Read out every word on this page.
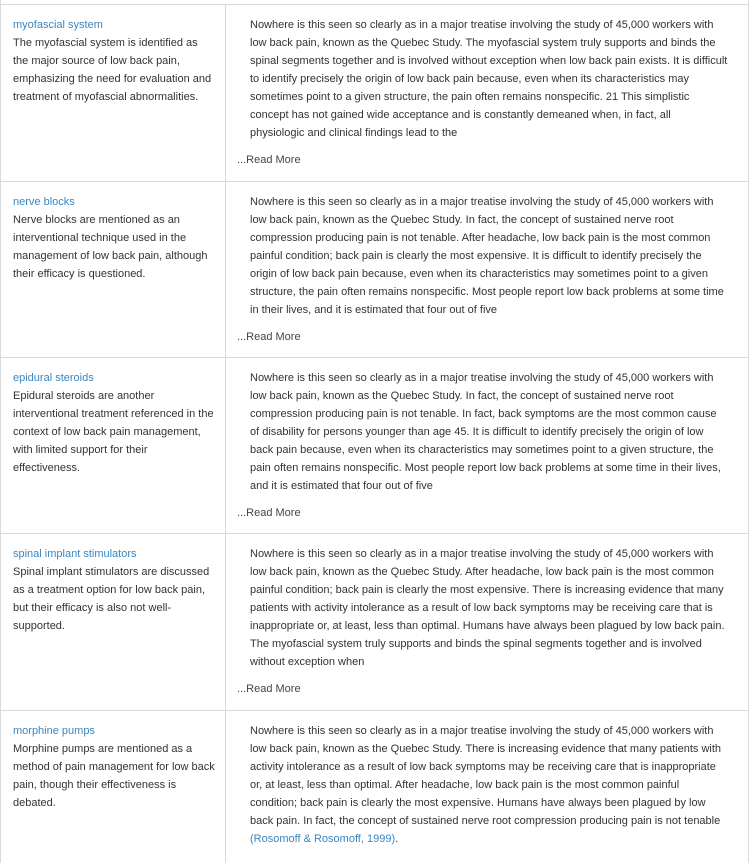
myofascial system
The myofascial system is identified as the major source of low back pain, emphasizing the need for evaluation and treatment of myofascial abnormalities.
Nowhere is this seen so clearly as in a major treatise involving the study of 45,000 workers with low back pain, known as the Quebec Study. The myofascial system truly supports and binds the spinal segments together and is involved without exception when low back pain exists. It is difficult to identify precisely the origin of low back pain because, even when its characteristics may sometimes point to a given structure, the pain often remains nonspecific. 21 This simplistic concept has not gained wide acceptance and is constantly demeaned when, in fact, all physiologic and clinical findings lead to the
...Read More
nerve blocks
Nerve blocks are mentioned as an interventional technique used in the management of low back pain, although their efficacy is questioned.
Nowhere is this seen so clearly as in a major treatise involving the study of 45,000 workers with low back pain, known as the Quebec Study. In fact, the concept of sustained nerve root compression producing pain is not tenable. After headache, low back pain is the most common painful condition; back pain is clearly the most expensive. It is difficult to identify precisely the origin of low back pain because, even when its characteristics may sometimes point to a given structure, the pain often remains nonspecific. Most people report low back problems at some time in their lives, and it is estimated that four out of five
...Read More
epidural steroids
Epidural steroids are another interventional treatment referenced in the context of low back pain management, with limited support for their effectiveness.
Nowhere is this seen so clearly as in a major treatise involving the study of 45,000 workers with low back pain, known as the Quebec Study. In fact, the concept of sustained nerve root compression producing pain is not tenable. In fact, back symptoms are the most common cause of disability for persons younger than age 45. It is difficult to identify precisely the origin of low back pain because, even when its characteristics may sometimes point to a given structure, the pain often remains nonspecific. Most people report low back problems at some time in their lives, and it is estimated that four out of five
...Read More
spinal implant stimulators
Spinal implant stimulators are discussed as a treatment option for low back pain, but their efficacy is also not well-supported.
Nowhere is this seen so clearly as in a major treatise involving the study of 45,000 workers with low back pain, known as the Quebec Study. After headache, low back pain is the most common painful condition; back pain is clearly the most expensive. There is increasing evidence that many patients with activity intolerance as a result of low back symptoms may be receiving care that is inappropriate or, at least, less than optimal. Humans have always been plagued by low back pain. The myofascial system truly supports and binds the spinal segments together and is involved without exception when
...Read More
morphine pumps
Morphine pumps are mentioned as a method of pain management for low back pain, though their effectiveness is debated.
Nowhere is this seen so clearly as in a major treatise involving the study of 45,000 workers with low back pain, known as the Quebec Study. There is increasing evidence that many patients with activity intolerance as a result of low back symptoms may be receiving care that is inappropriate or, at least, less than optimal. After headache, low back pain is the most common painful condition; back pain is clearly the most expensive. Humans have always been plagued by low back pain. In fact, the concept of sustained nerve root compression producing pain is not tenable (Rosomoff & Rosomoff, 1999).
